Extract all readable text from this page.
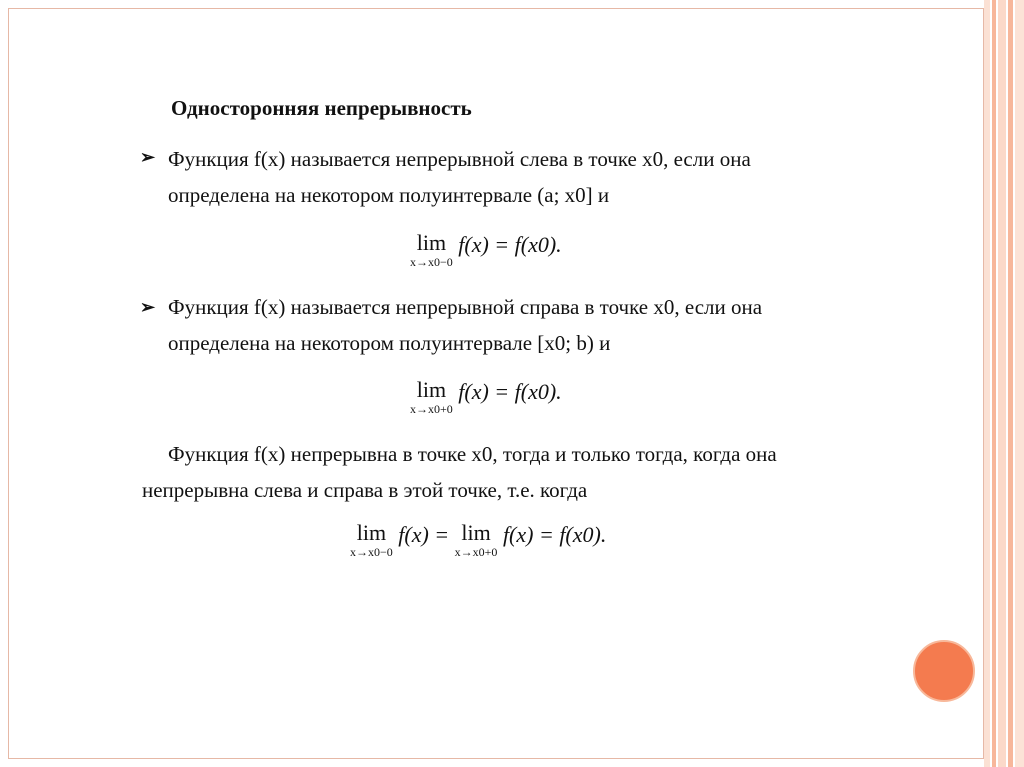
Односторонняя непрерывность
➢ Функция f(x) называется непрерывной слева в точке x0, если она
определена на некотором полуинтервале (a; x0] и
lim
x→x0−0
f(x) = f(x0).
➢ Функция f(x) называется непрерывной справа в точке x0, если она
определена на некотором полуинтервале [x0; b) и
lim
x→x0+0
f(x) = f(x0).
Функция f(x) непрерывна в точке x0, тогда и только тогда, когда она
непрерывна слева и справа в этой точке, т.е. когда
lim
x→x0−0
f(x) = lim
x→x0+0
f(x) = f(x0).
